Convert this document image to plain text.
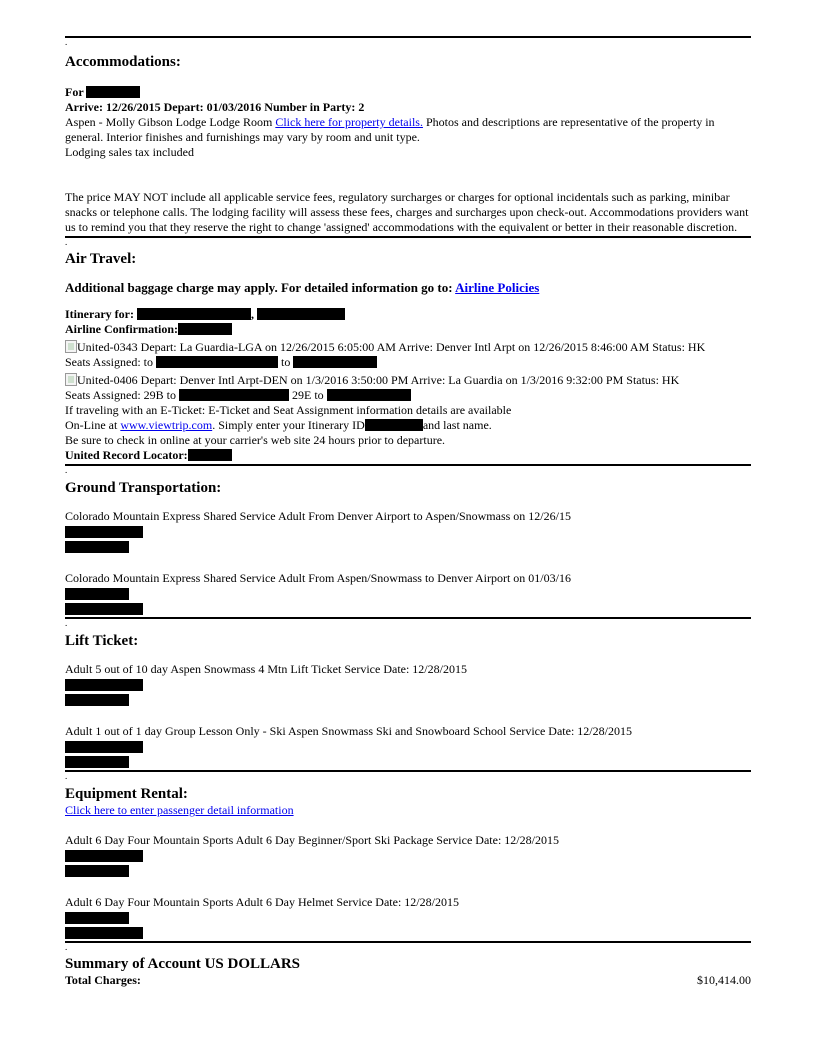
.
Accommodations:
For
Arrive: 12/26/2015 Depart: 01/03/2016 Number in Party: 2
Aspen - Molly Gibson Lodge Lodge Room Click here for property details. Photos and descriptions are representative of the property in general. Interior finishes and furnishings may vary by room and unit type.
Lodging sales tax included
The price MAY NOT include all applicable service fees, regulatory surcharges or charges for optional incidentals such as parking, minibar snacks or telephone calls. The lodging facility will assess these fees, charges and surcharges upon check-out. Accommodations providers want us to remind you that they reserve the right to change 'assigned' accommodations with the equivalent or better in their reasonable discretion.
.
Air Travel:
Additional baggage charge may apply. For detailed information go to: Airline Policies
Itinerary for:	,
Airline Confirmation:
United-0343 Depart: La Guardia-LGA on 12/26/2015 6:05:00 AM Arrive: Denver Intl Arpt on 12/26/2015 8:46:00 AM Status: HK
Seats Assigned: to	to
United-0406 Depart: Denver Intl Arpt-DEN on 1/3/2016 3:50:00 PM Arrive: La Guardia on 1/3/2016 9:32:00 PM Status: HK
Seats Assigned: 29B to	29E to
If traveling with an E-Ticket: E-Ticket and Seat Assignment information details are available
On-Line at www.viewtrip.com. Simply enter your Itinerary ID	and last name.
Be sure to check in online at your carrier's web site 24 hours prior to departure.
United Record Locator:
.
Ground Transportation:
Colorado Mountain Express Shared Service Adult From Denver Airport to Aspen/Snowmass on 12/26/15
Colorado Mountain Express Shared Service Adult From Aspen/Snowmass to Denver Airport on 01/03/16
.
Lift Ticket:
Adult 5 out of 10 day Aspen Snowmass 4 Mtn Lift Ticket Service Date: 12/28/2015
Adult 1 out of 1 day Group Lesson Only - Ski Aspen Snowmass Ski and Snowboard School Service Date: 12/28/2015
.
Equipment Rental:
Click here to enter passenger detail information
Adult 6 Day Four Mountain Sports Adult 6 Day Beginner/Sport Ski Package Service Date: 12/28/2015
Adult 6 Day Four Mountain Sports Adult 6 Day Helmet Service Date: 12/28/2015
.
Summary of Account US DOLLARS
Total Charges:	$10,414.00
